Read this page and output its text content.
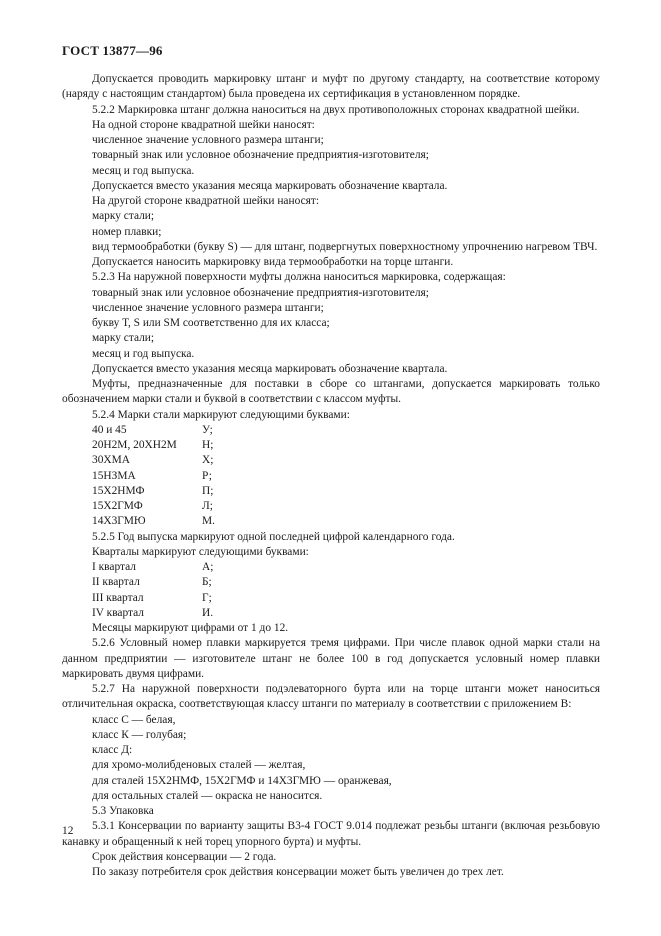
ГОСТ 13877—96
Допускается проводить маркировку штанг и муфт по другому стандарту, на соответствие которому (наряду с настоящим стандартом) была проведена их сертификация в установленном порядке.
5.2.2 Маркировка штанг должна наноситься на двух противоположных сторонах квадратной шейки.
На одной стороне квадратной шейки наносят:
численное значение условного размера штанги;
товарный знак или условное обозначение предприятия-изготовителя;
месяц и год выпуска.
Допускается вместо указания месяца маркировать обозначение квартала.
На другой стороне квадратной шейки наносят:
марку стали;
номер плавки;
вид термообработки (букву S) — для штанг, подвергнутых поверхностному упрочнению нагревом ТВЧ.
Допускается наносить маркировку вида термообработки на торце штанги.
5.2.3 На наружной поверхности муфты должна наноситься маркировка, содержащая:
товарный знак или условное обозначение предприятия-изготовителя;
численное значение условного размера штанги;
букву Т, S или SM соответственно для их класса;
марку стали;
месяц и год выпуска.
Допускается вместо указания месяца маркировать обозначение квартала.
Муфты, предназначенные для поставки в сборе со штангами, допускается маркировать только обозначением марки стали и буквой в соответствии с классом муфты.
5.2.4 Марки стали маркируют следующими буквами:
40 и 45	У;
20Н2М, 20ХН2М	Н;
30ХМА	Х;
15НЗМА	Р;
15Х2НМФ	П;
15Х2ГМФ	Л;
14Х3ГМЮ	М.
5.2.5 Год выпуска маркируют одной последней цифрой календарного года.
Кварталы маркируют следующими буквами:
I квартал	А;
II квартал	Б;
III квартал	Г;
IV квартал	И.
Месяцы маркируют цифрами от 1 до 12.
5.2.6 Условный номер плавки маркируется тремя цифрами. При числе плавок одной марки стали на данном предприятии — изготовителе штанг не более 100 в год допускается условный номер плавки маркировать двумя цифрами.
5.2.7 На наружной поверхности подэлеваторного бурта или на торце штанги может наноситься отличительная окраска, соответствующая классу штанги по материалу в соответствии с приложением В:
класс С — белая,
класс К — голубая;
класс Д:
для хромо-молибденовых сталей — желтая,
для сталей 15Х2НМФ, 15Х2ГМФ и 14Х3ГМЮ — оранжевая,
для остальных сталей — окраска не наносится.
5.3 Упаковка
5.3.1 Консервации по варианту защиты В3-4 ГОСТ 9.014 подлежат резьбы штанги (включая резьбовую канавку и обращенный к ней торец упорного бурта) и муфты.
Срок действия консервации — 2 года.
По заказу потребителя срок действия консервации может быть увеличен до трех лет.
12
